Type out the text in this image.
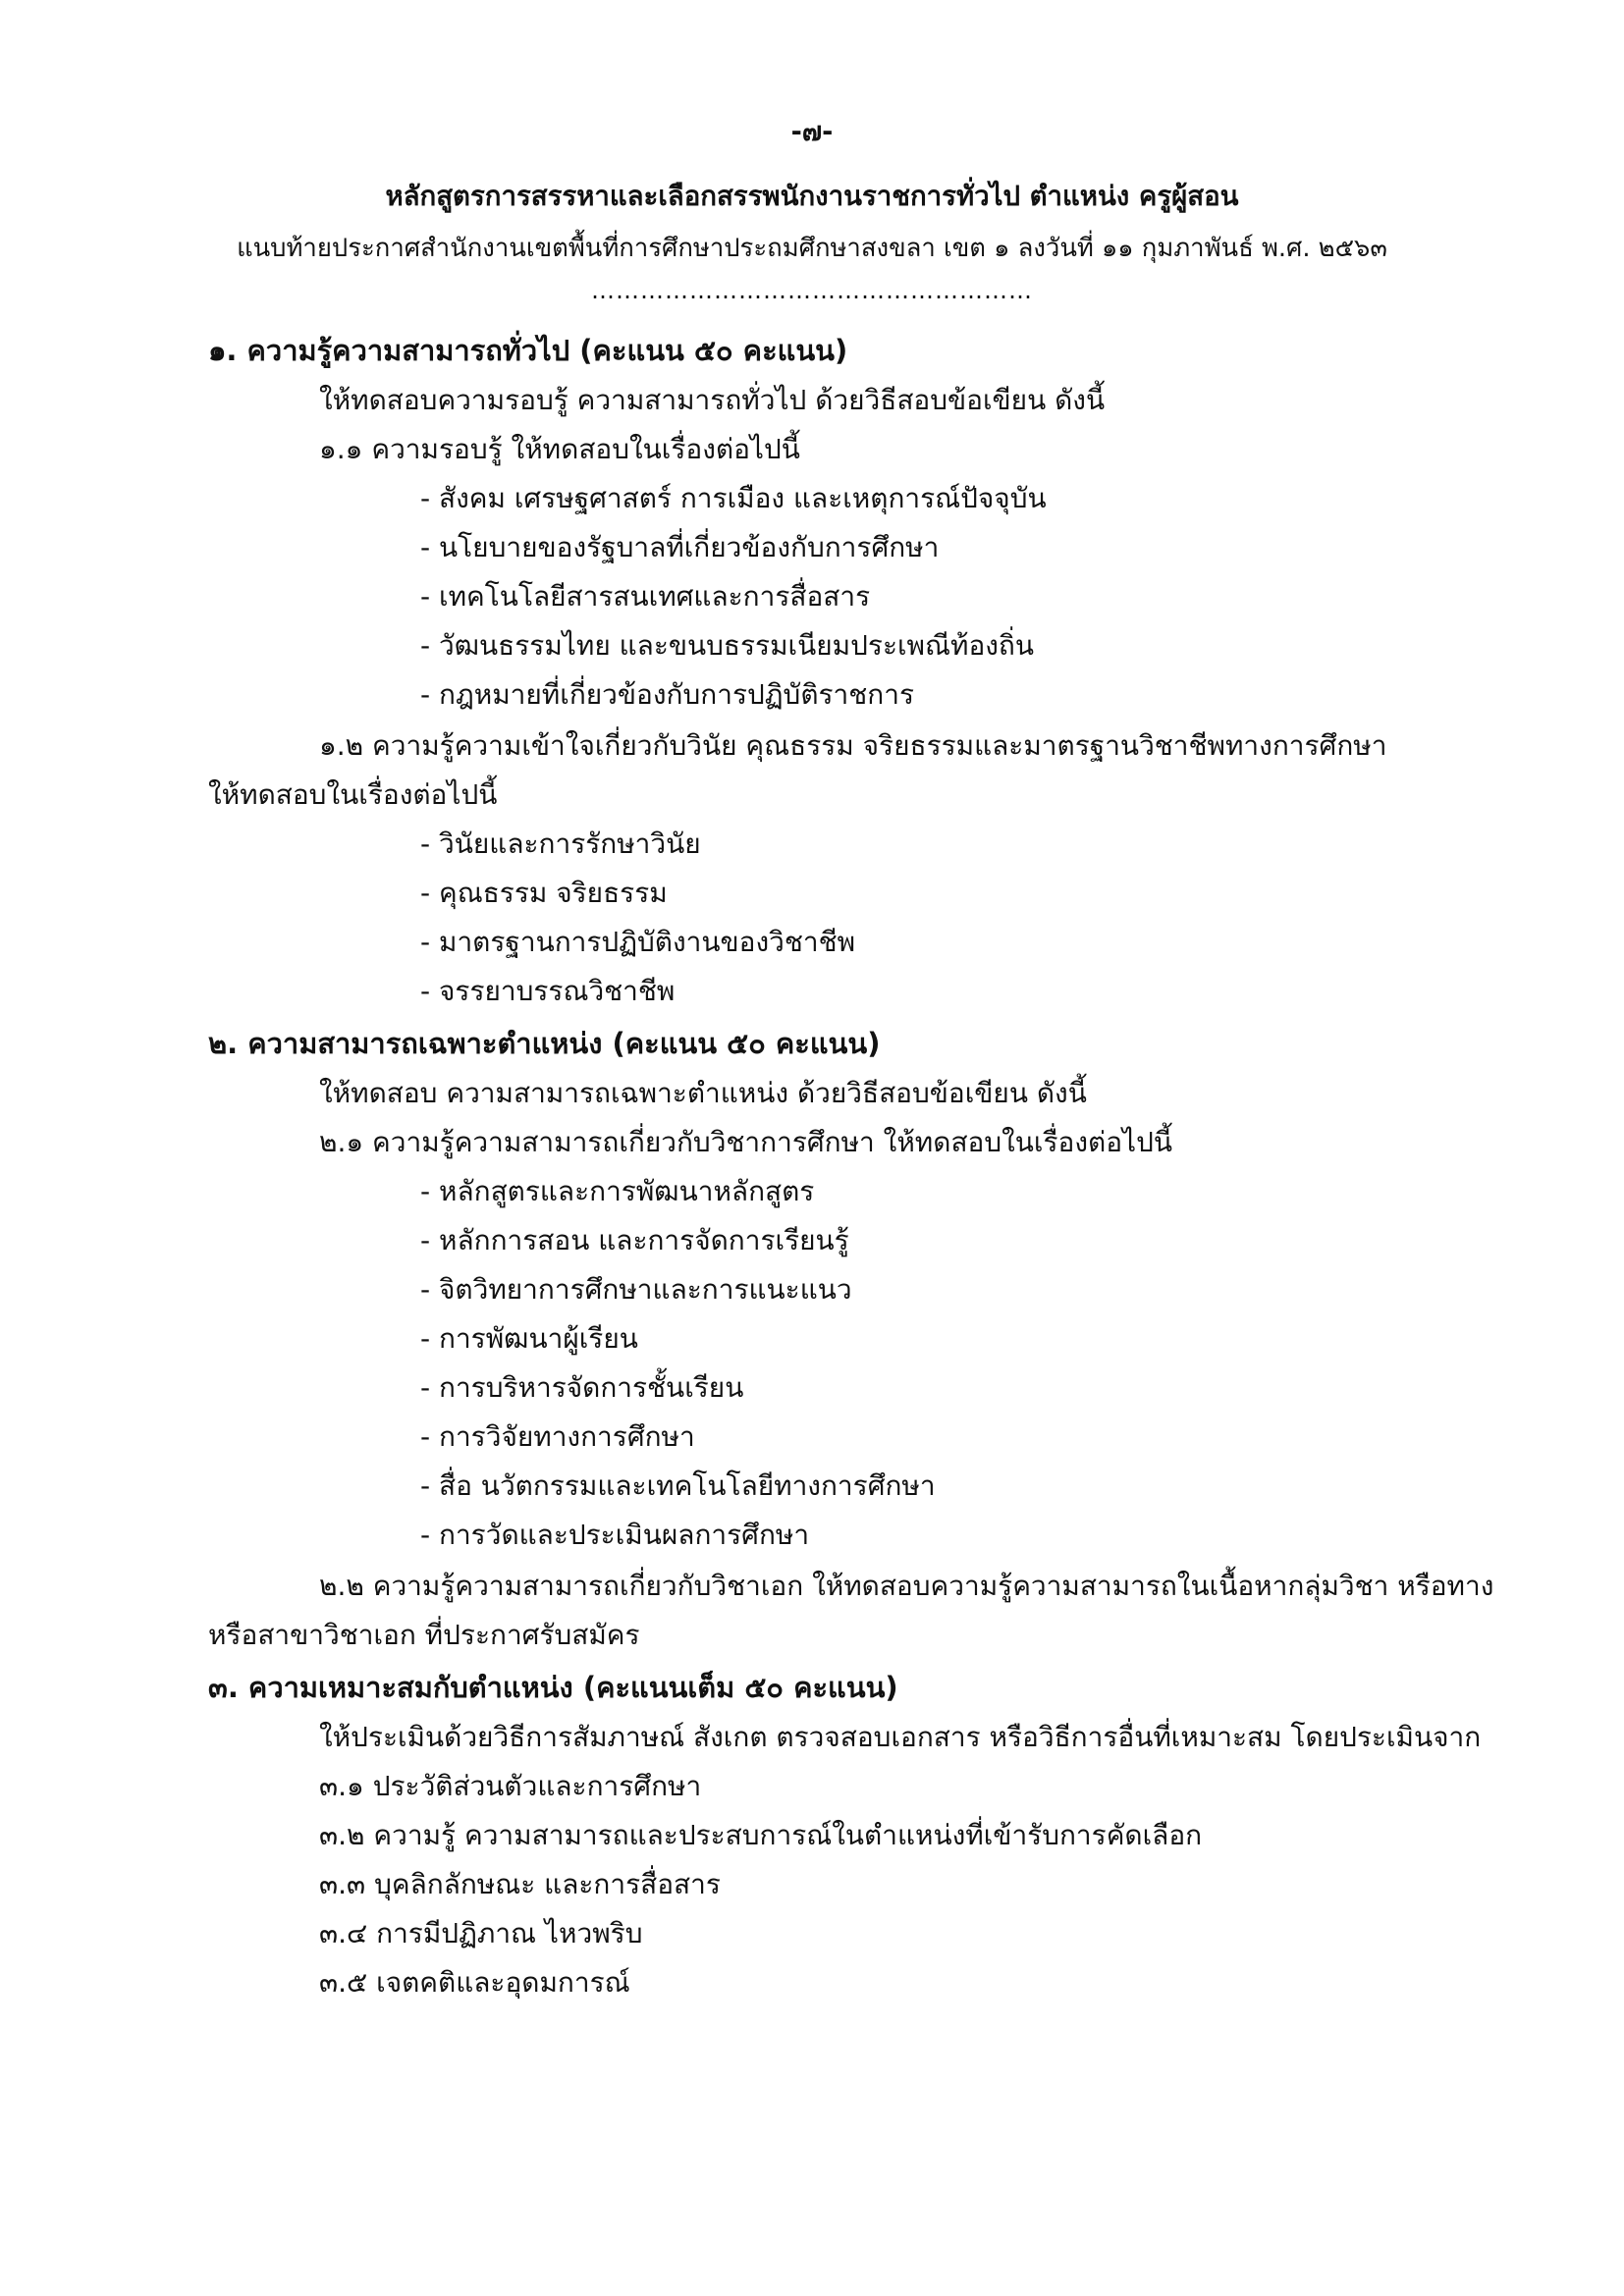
-๗-
หลักสูตรการสรรหาและเลือกสรรพนักงานราชการทั่วไป ตำแหน่ง ครูผู้สอน
แนบท้ายประกาศสำนักงานเขตพื้นที่การศึกษาประถมศึกษาสงขลา เขต ๑ ลงวันที่ ๑๑ กุมภาพันธ์ พ.ศ. ๒๕๖๓
………………………………………………
๑. ความรู้ความสามารถทั่วไป (คะแนน ๕๐ คะแนน)
ให้ทดสอบความรอบรู้ ความสามารถทั่วไป ด้วยวิธีสอบข้อเขียน ดังนี้
๑.๑ ความรอบรู้ ให้ทดสอบในเรื่องต่อไปนี้
- สังคม เศรษฐศาสตร์ การเมือง และเหตุการณ์ปัจจุบัน
- นโยบายของรัฐบาลที่เกี่ยวข้องกับการศึกษา
- เทคโนโลยีสารสนเทศและการสื่อสาร
- วัฒนธรรมไทย และขนบธรรมเนียมประเพณีท้องถิ่น
- กฎหมายที่เกี่ยวข้องกับการปฏิบัติราชการ
๑.๒ ความรู้ความเข้าใจเกี่ยวกับวินัย คุณธรรม จริยธรรมและมาตรฐานวิชาชีพทางการศึกษา
ให้ทดสอบในเรื่องต่อไปนี้
- วินัยและการรักษาวินัย
- คุณธรรม จริยธรรม
- มาตรฐานการปฏิบัติงานของวิชาชีพ
- จรรยาบรรณวิชาชีพ
๒. ความสามารถเฉพาะตำแหน่ง (คะแนน ๕๐ คะแนน)
ให้ทดสอบ ความสามารถเฉพาะตำแหน่ง ด้วยวิธีสอบข้อเขียน ดังนี้
๒.๑ ความรู้ความสามารถเกี่ยวกับวิชาการศึกษา ให้ทดสอบในเรื่องต่อไปนี้
- หลักสูตรและการพัฒนาหลักสูตร
- หลักการสอน และการจัดการเรียนรู้
- จิตวิทยาการศึกษาและการแนะแนว
- การพัฒนาผู้เรียน
- การบริหารจัดการชั้นเรียน
- การวิจัยทางการศึกษา
- สื่อ นวัตกรรมและเทคโนโลยีทางการศึกษา
- การวัดและประเมินผลการศึกษา
๒.๒ ความรู้ความสามารถเกี่ยวกับวิชาเอก ให้ทดสอบความรู้ความสามารถในเนื้อหากลุ่มวิชา หรือทาง
หรือสาขาวิชาเอก ที่ประกาศรับสมัคร
๓. ความเหมาะสมกับตำแหน่ง (คะแนนเต็ม ๕๐ คะแนน)
ให้ประเมินด้วยวิธีการสัมภาษณ์ สังเกต ตรวจสอบเอกสาร หรือวิธีการอื่นที่เหมาะสม โดยประเมินจาก
๓.๑ ประวัติส่วนตัวและการศึกษา
๓.๒ ความรู้ ความสามารถและประสบการณ์ในตำแหน่งที่เข้ารับการคัดเลือก
๓.๓ บุคลิกลักษณะ และการสื่อสาร
๓.๔ การมีปฏิภาณ ไหวพริบ
๓.๕ เจตคติและอุดมการณ์
